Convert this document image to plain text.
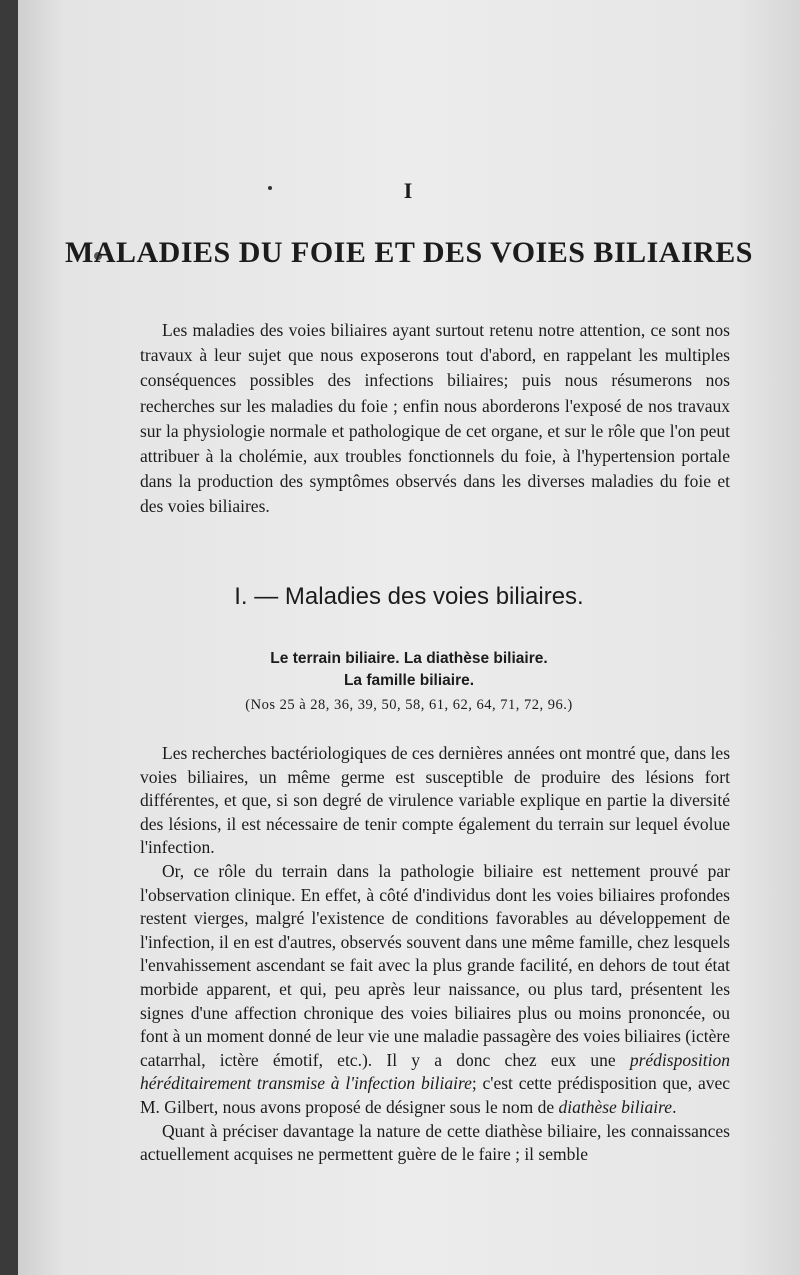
I
MALADIES DU FOIE ET DES VOIES BILIAIRES

Les maladies des voies biliaires ayant surtout retenu notre attention, ce sont nos travaux à leur sujet que nous exposerons tout d'abord, en rappelant les multiples conséquences possibles des infections biliaires; puis nous résumerons nos recherches sur les maladies du foie ; enfin nous aborderons l'exposé de nos travaux sur la physiologie normale et pathologique de cet organe, et sur le rôle que l'on peut attribuer à la cholémie, aux troubles fonctionnels du foie, à l'hypertension portale dans la production des symptômes observés dans les diverses maladies du foie et des voies biliaires.

I. — Maladies des voies biliaires.
Le terrain biliaire. La diathèse biliaire.
La famille biliaire.
(Nos 25 à 28, 36, 39, 50, 58, 61, 62, 64, 71, 72, 96.)

Les recherches bactériologiques de ces dernières années ont montré que, dans les voies biliaires, un même germe est susceptible de produire des lésions fort différentes, et que, si son degré de virulence variable explique en partie la diversité des lésions, il est nécessaire de tenir compte également du terrain sur lequel évolue l'infection.

Or, ce rôle du terrain dans la pathologie biliaire est nettement prouvé par l'observation clinique. En effet, à côté d'individus dont les voies biliaires profondes restent vierges, malgré l'existence de conditions favorables au développement de l'infection, il en est d'autres, observés souvent dans une même famille, chez lesquels l'envahissement ascendant se fait avec la plus grande facilité, en dehors de tout état morbide apparent, et qui, peu après leur naissance, ou plus tard, présentent les signes d'une affection chronique des voies biliaires plus ou moins prononcée, ou font à un moment donné de leur vie une maladie passagère des voies biliaires (ictère catarrhal, ictère émotif, etc.). Il y a donc chez eux une prédisposition héréditairement transmise à l'infection biliaire; c'est cette prédisposition que, avec M. Gilbert, nous avons proposé de désigner sous le nom de diathèse biliaire.

Quant à préciser davantage la nature de cette diathèse biliaire, les connaissances actuellement acquises ne permettent guère de le faire ; il semble
